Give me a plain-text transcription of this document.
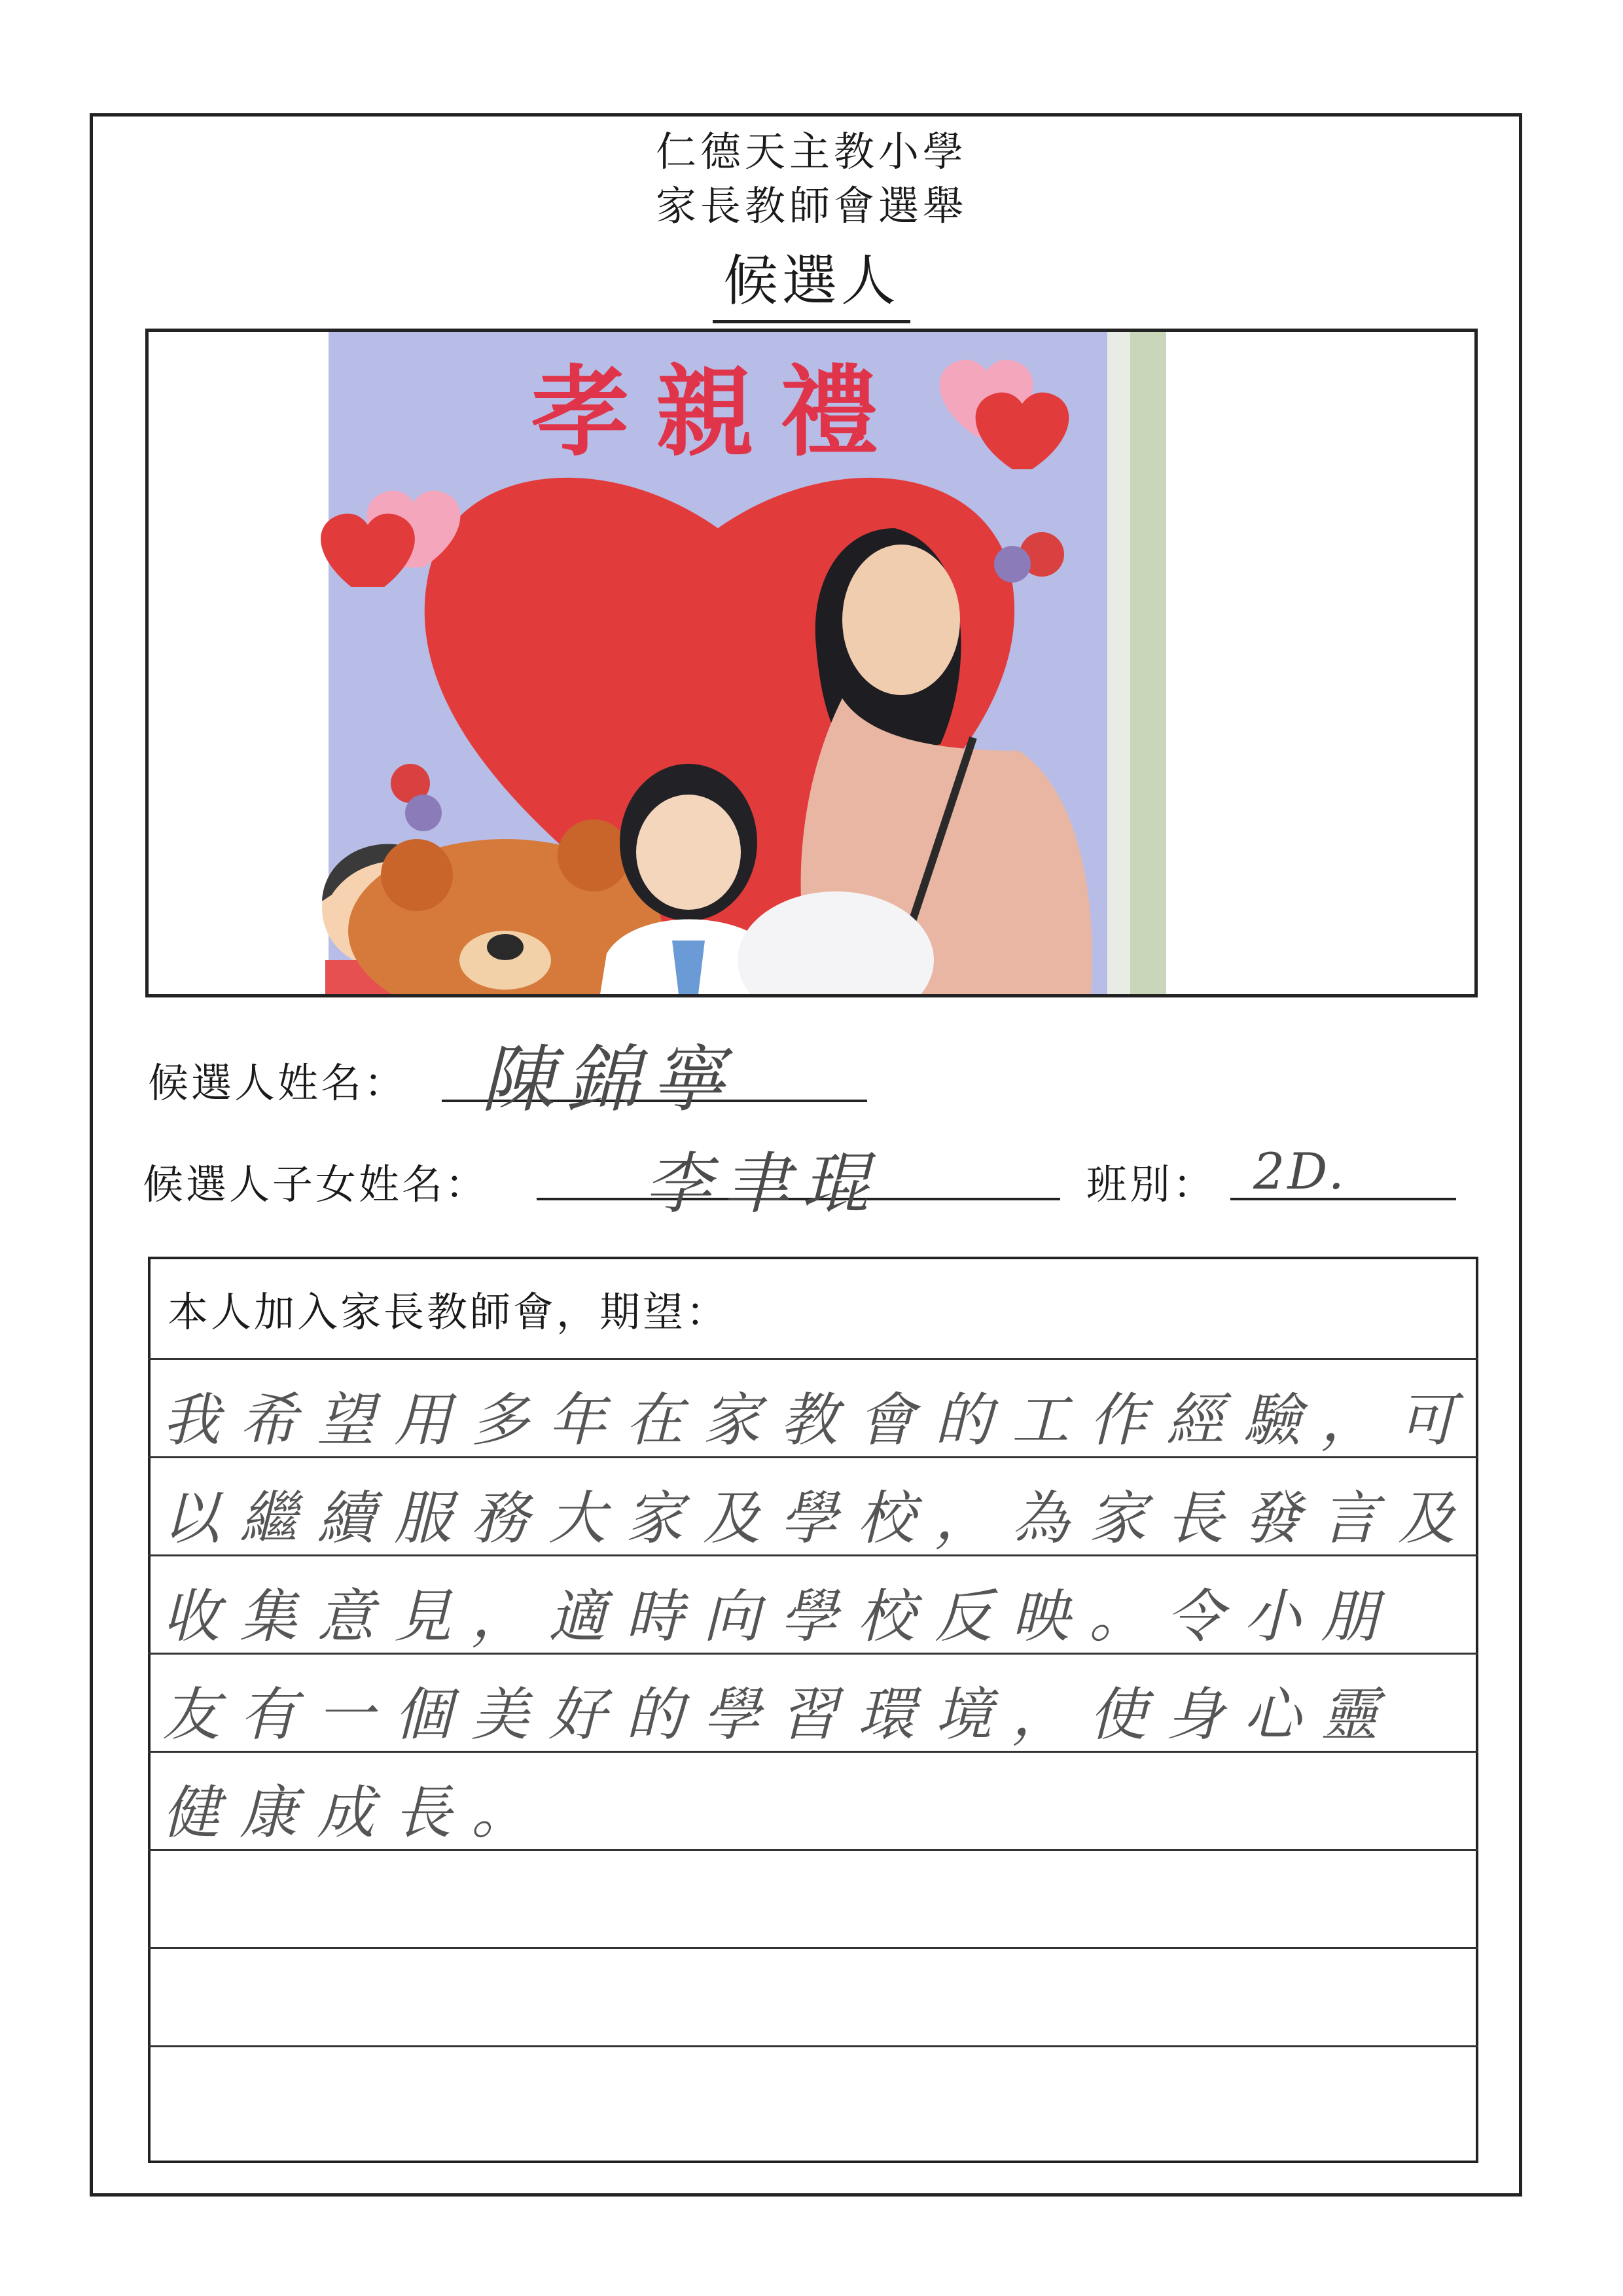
仁德天主教小學
家長教師會選舉
候選人
孝親禮
候選人姓名： 陳錦寧
候選人子女姓名： 李聿琨	班別： 2D.
本人加入家長教師會，期望：
我希望用多年在家教會的工作經驗，可
以繼續服務大家及學校，為家長發言及
收集意見，適時向學校反映。令小朋
友有一個美好的學習環境，使身心靈
健康成長。
